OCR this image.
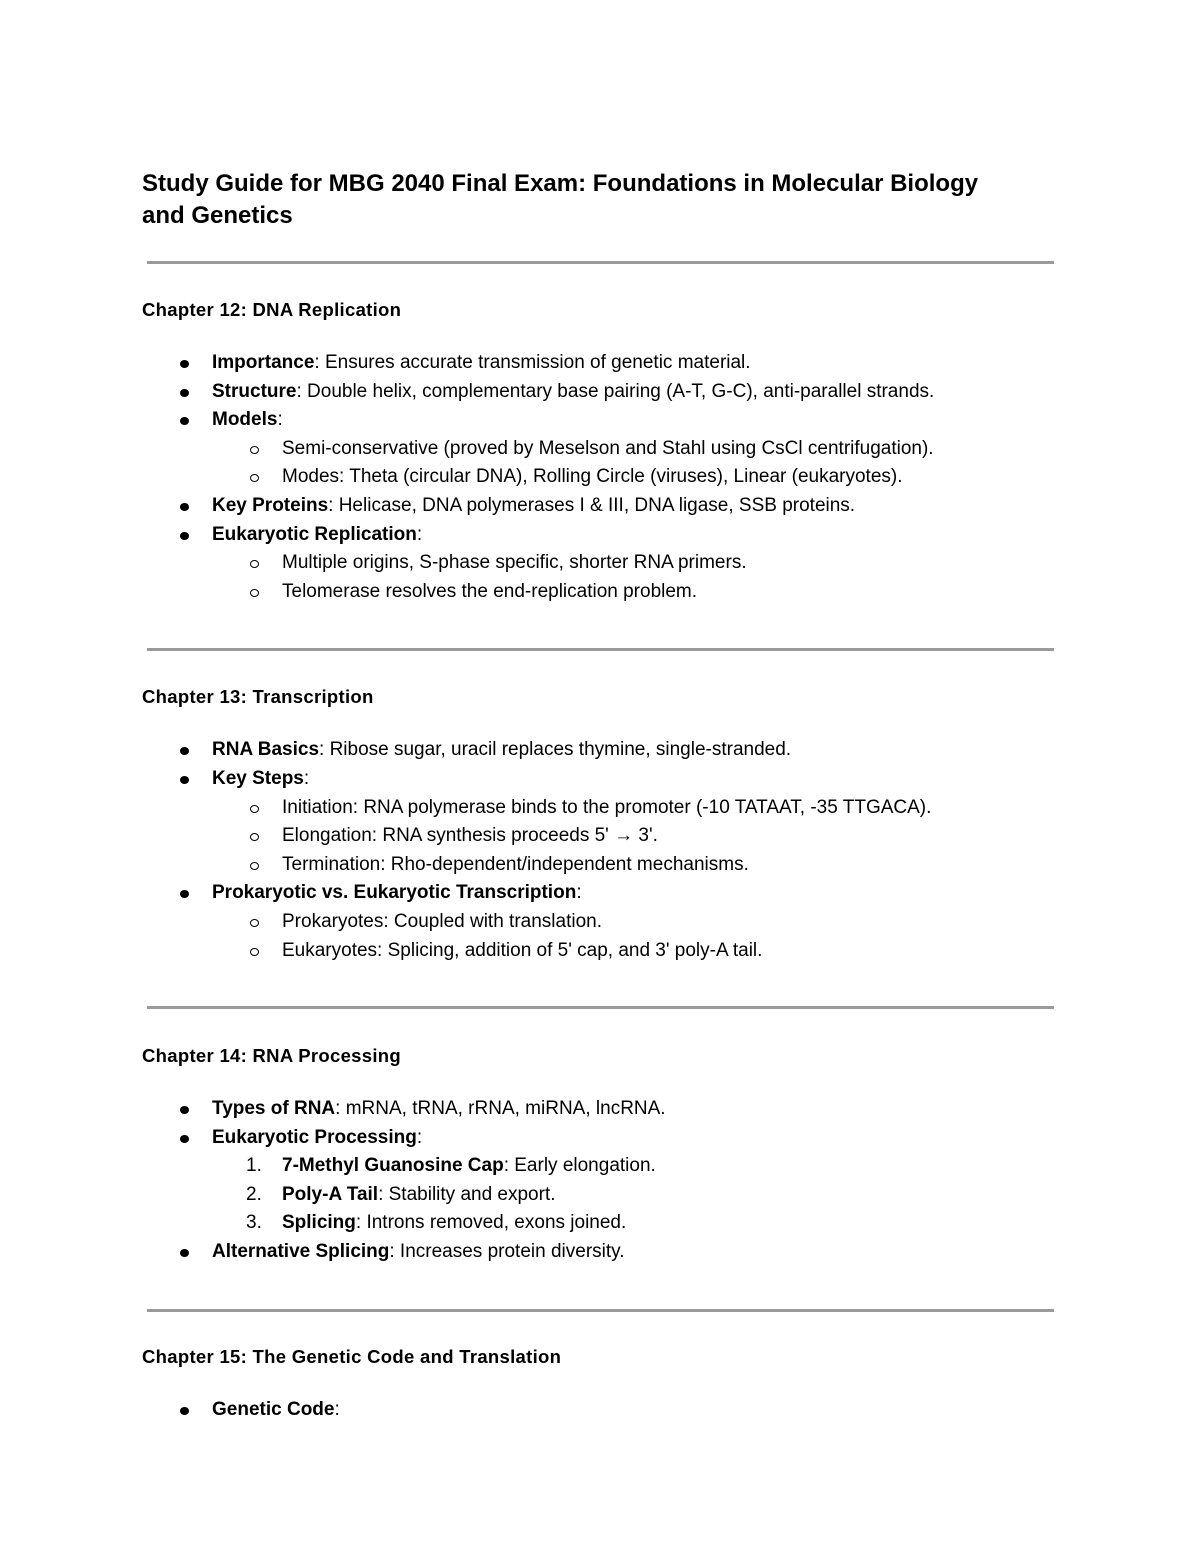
Study Guide for MBG 2040 Final Exam: Foundations in Molecular Biology
and Genetics
Chapter 12: DNA Replication
Importance: Ensures accurate transmission of genetic material.
Structure: Double helix, complementary base pairing (A-T, G-C), anti-parallel strands.
Models:
Semi-conservative (proved by Meselson and Stahl using CsCl centrifugation).
Modes: Theta (circular DNA), Rolling Circle (viruses), Linear (eukaryotes).
Key Proteins: Helicase, DNA polymerases I & III, DNA ligase, SSB proteins.
Eukaryotic Replication:
Multiple origins, S-phase specific, shorter RNA primers.
Telomerase resolves the end-replication problem.
Chapter 13: Transcription
RNA Basics: Ribose sugar, uracil replaces thymine, single-stranded.
Key Steps:
Initiation: RNA polymerase binds to the promoter (-10 TATAAT, -35 TTGACA).
Elongation: RNA synthesis proceeds 5' → 3'.
Termination: Rho-dependent/independent mechanisms.
Prokaryotic vs. Eukaryotic Transcription:
Prokaryotes: Coupled with translation.
Eukaryotes: Splicing, addition of 5' cap, and 3' poly-A tail.
Chapter 14: RNA Processing
Types of RNA: mRNA, tRNA, rRNA, miRNA, lncRNA.
Eukaryotic Processing:
1.	7-Methyl Guanosine Cap: Early elongation.
2.	Poly-A Tail: Stability and export.
3.	Splicing: Introns removed, exons joined.
Alternative Splicing: Increases protein diversity.
Chapter 15: The Genetic Code and Translation
Genetic Code:
